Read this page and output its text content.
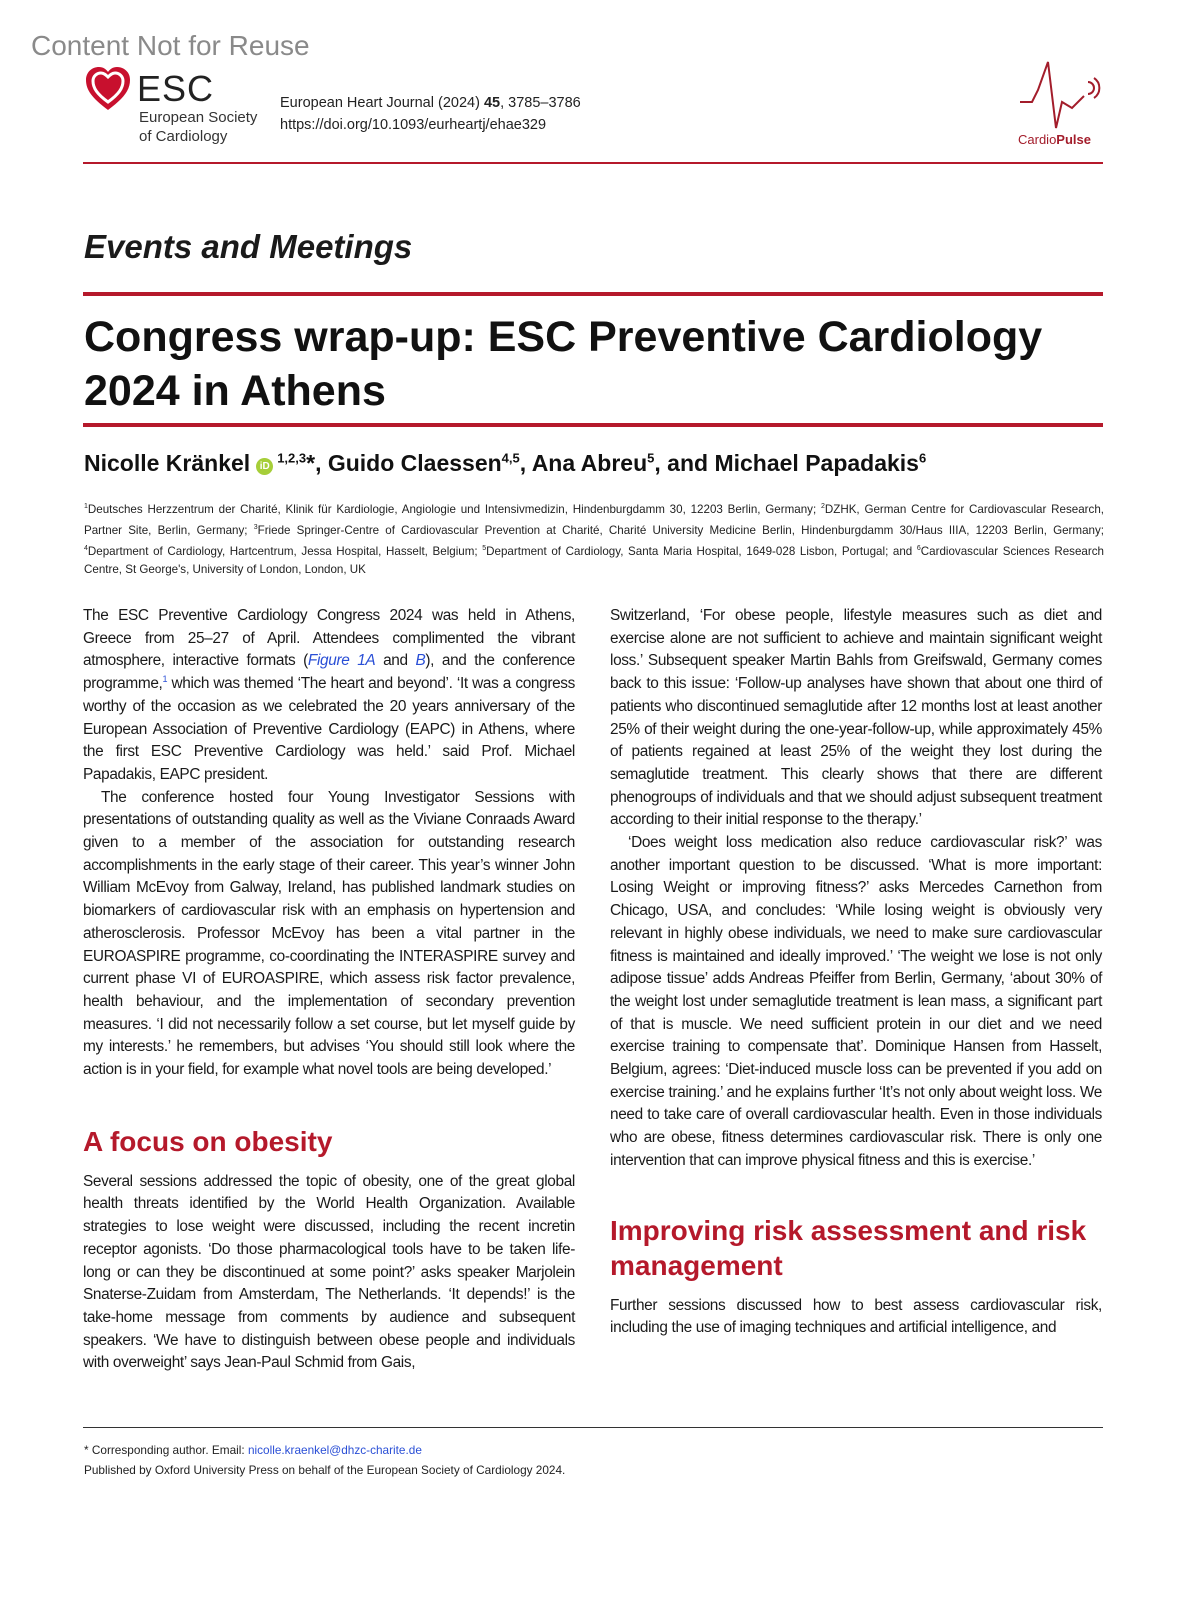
Content Not for Reuse
ESC
European Society
of Cardiology
European Heart Journal (2024) 45, 3785–3786
https://doi.org/10.1093/eurheartj/ehae329
CardioPulse
Events and Meetings
Congress wrap-up: ESC Preventive Cardiology 2024 in Athens
Nicolle Kränkel iD$^{1,2,3}$*, Guido Claessen$^{4,5}$, Ana Abreu$^5$, and Michael Papadakis$^6$
$^1$Deutsches Herzzentrum der Charité, Klinik für Kardiologie, Angiologie und Intensivmedizin, Hindenburgdamm 30, 12203 Berlin, Germany; $^2$DZHK, German Centre for Cardiovascular Research, Partner Site, Berlin, Germany; $^3$Friede Springer-Centre of Cardiovascular Prevention at Charité, Charité University Medicine Berlin, Hindenburgdamm 30/Haus IIIA, 12203 Berlin, Germany; $^4$Department of Cardiology, Hartcentrum, Jessa Hospital, Hasselt, Belgium; $^5$Department of Cardiology, Santa Maria Hospital, 1649-028 Lisbon, Portugal; and $^6$Cardiovascular Sciences Research Centre, St George's, University of London, London, UK

The ESC Preventive Cardiology Congress 2024 was held in Athens, Greece from 25–27 of April. Attendees complimented the vibrant atmosphere, interactive formats (Figure 1A and B), and the conference programme,$^1$ which was themed ‘The heart and beyond’. ‘It was a congress worthy of the occasion as we celebrated the 20 years anniversary of the European Association of Preventive Cardiology (EAPC) in Athens, where the first ESC Preventive Cardiology was held.’ said Prof. Michael Papadakis, EAPC president.

The conference hosted four Young Investigator Sessions with presentations of outstanding quality as well as the Viviane Conraads Award given to a member of the association for outstanding research accomplishments in the early stage of their career. This year’s winner John William McEvoy from Galway, Ireland, has published landmark studies on biomarkers of cardiovascular risk with an emphasis on hypertension and atherosclerosis. Professor McEvoy has been a vital partner in the EUROASPIRE programme, co-coordinating the INTERASPIRE survey and current phase VI of EUROASPIRE, which assess risk factor prevalence, health behaviour, and the implementation of secondary prevention measures. ‘I did not necessarily follow a set course, but let myself guide by my interests.’ he remembers, but advises ‘You should still look where the action is in your field, for example what novel tools are being developed.’

A focus on obesity

Several sessions addressed the topic of obesity, one of the great global health threats identified by the World Health Organization. Available strategies to lose weight were discussed, including the recent incretin receptor agonists. ‘Do those pharmacological tools have to be taken life-long or can they be discontinued at some point?’ asks speaker Marjolein Snaterse-Zuidam from Amsterdam, The Netherlands. ‘It depends!’ is the take-home message from comments by audience and subsequent speakers. ‘We have to distinguish between obese people and individuals with overweight’ says Jean-Paul Schmid from Gais,

Switzerland, ‘For obese people, lifestyle measures such as diet and exercise alone are not sufficient to achieve and maintain significant weight loss.’ Subsequent speaker Martin Bahls from Greifswald, Germany comes back to this issue: ‘Follow-up analyses have shown that about one third of patients who discontinued semaglutide after 12 months lost at least another 25% of their weight during the one-year-follow-up, while approximately 45% of patients regained at least 25% of the weight they lost during the semaglutide treatment. This clearly shows that there are different phenogroups of individuals and that we should adjust subsequent treatment according to their initial response to the therapy.’

‘Does weight loss medication also reduce cardiovascular risk?’ was another important question to be discussed. ‘What is more important: Losing Weight or improving fitness?’ asks Mercedes Carnethon from Chicago, USA, and concludes: ‘While losing weight is obviously very relevant in highly obese individuals, we need to make sure cardiovascular fitness is maintained and ideally improved.’ ‘The weight we lose is not only adipose tissue’ adds Andreas Pfeiffer from Berlin, Germany, ‘about 30% of the weight lost under semaglutide treatment is lean mass, a significant part of that is muscle. We need sufficient protein in our diet and we need exercise training to compensate that’. Dominique Hansen from Hasselt, Belgium, agrees: ‘Diet-induced muscle loss can be prevented if you add on exercise training.’ and he explains further ‘It’s not only about weight loss. We need to take care of overall cardiovascular health. Even in those individuals who are obese, fitness determines cardiovascular risk. There is only one intervention that can improve physical fitness and this is exercise.’

Improving risk assessment and risk management

Further sessions discussed how to best assess cardiovascular risk, including the use of imaging techniques and artificial intelligence, and

* Corresponding author. Email: nicolle.kraenkel@dhzc-charite.de
Published by Oxford University Press on behalf of the European Society of Cardiology 2024.
